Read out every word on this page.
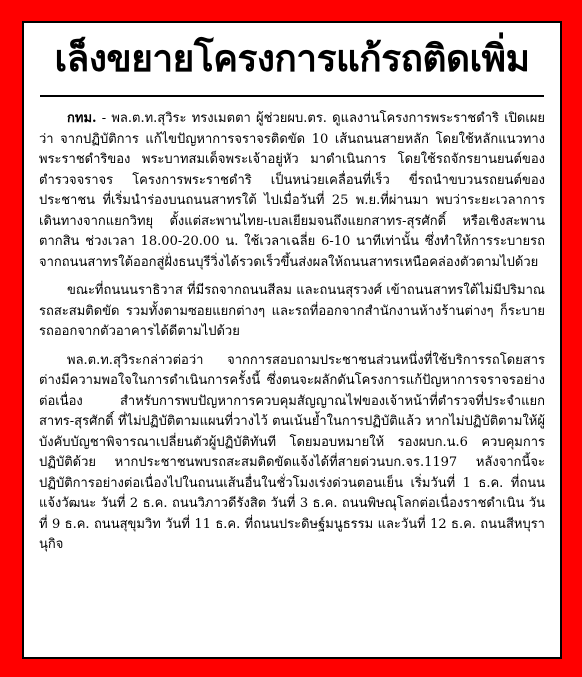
เล็งขยายโครงการแก้รถติดเพิ่ม

กทม. - พล.ต.ท.สุวิระ ทรงเมตตา ผู้ช่วยผบ.ตร. ดูแลงานโครงการพระราชดำริ เปิดเผยว่า จากปฏิบัติการ แก้ไขปัญหาการจราจรติดขัด 10 เส้นถนนสายหลัก โดยใช้หลักแนวทางพระราชดำริของ พระบาทสมเด็จพระเจ้าอยู่หัว มาดำเนินการ โดยใช้รถจักรยานยนต์ของตำรวจจราจร โครงการพระราชดำริ เป็นหน่วยเคลื่อนที่เร็ว ขี่รถนำขบวนรถยนต์ของประชาชน ที่เริ่มนำร่องบนถนนสาทรใต้ ไปเมื่อวันที่ 25 พ.ย.ที่ผ่านมา พบว่าระยะเวลาการเดินทางจากแยกวิทยุ ตั้งแต่สะพานไทย-เบลเยียมจนถึงแยกสาทร-สุรศักดิ์ หรือเชิงสะพานตากสิน ช่วงเวลา 18.00-20.00 น. ใช้เวลาเฉลี่ย 6-10 นาทีเท่านั้น ซึ่งทำให้การระบายรถจากถนนสาทรใต้ออกสู่ฝั่งธนบุรีวิ่งได้รวดเร็วขึ้นส่งผลให้ถนนสาทรเหนือคล่องตัวตามไปด้วย

ขณะที่ถนนนราธิวาส ที่มีรถจากถนนสีลม และถนนสุรวงศ์ เข้าถนนสาทรใต้ไม่มีปริมาณรถสะสมติดขัด รวมทั้งตามซอยแยกต่างๆ และรถที่ออกจากสำนักงานห้างร้านต่างๆ ก็ระบายรถออกจากตัวอาคารได้ดีตามไปด้วย

พล.ต.ท.สุวิระกล่าวต่อว่า จากการสอบถามประชาชนส่วนหนึ่งที่ใช้บริการรถโดยสารต่างมีความพอใจในการดำเนินการครั้งนี้ ซึ่งตนจะผลักดันโครงการแก้ปัญหาการจราจรอย่างต่อเนื่อง สำหรับการพบปัญหาการควบคุมสัญญาณไฟของเจ้าหน้าที่ตำรวจที่ประจำแยกสาทร-สุรศักดิ์ ที่ไม่ปฏิบัติตามแผนที่วางไว้ ตนเน้นย้ำในการปฏิบัติแล้ว หากไม่ปฏิบัติตามให้ผู้บังคับบัญชาพิจารณาเปลี่ยนตัวผู้ปฏิบัติทันที โดยมอบหมายให้ รองผบก.น.6 ควบคุมการปฏิบัติด้วย หากประชาชนพบรถสะสมติดขัดแจ้งได้ที่สายด่วนบก.จร.1197 หลังจากนี้จะปฏิบัติการอย่างต่อเนื่องไปในถนนเส้นอื่นในชั่วโมงเร่งด่วนตอนเย็น เริ่มวันที่ 1 ธ.ค. ที่ถนนแจ้งวัฒนะ วันที่ 2 ธ.ค. ถนนวิภาวดีรังสิต วันที่ 3 ธ.ค. ถนนพิษณุโลกต่อเนื่องราชดำเนิน วันที่ 9 ธ.ค. ถนนสุขุมวิท วันที่ 11 ธ.ค. ที่ถนนประดิษฐ์มนูธรรม และวันที่ 12 ธ.ค. ถนนสีหบุรานุกิจ
